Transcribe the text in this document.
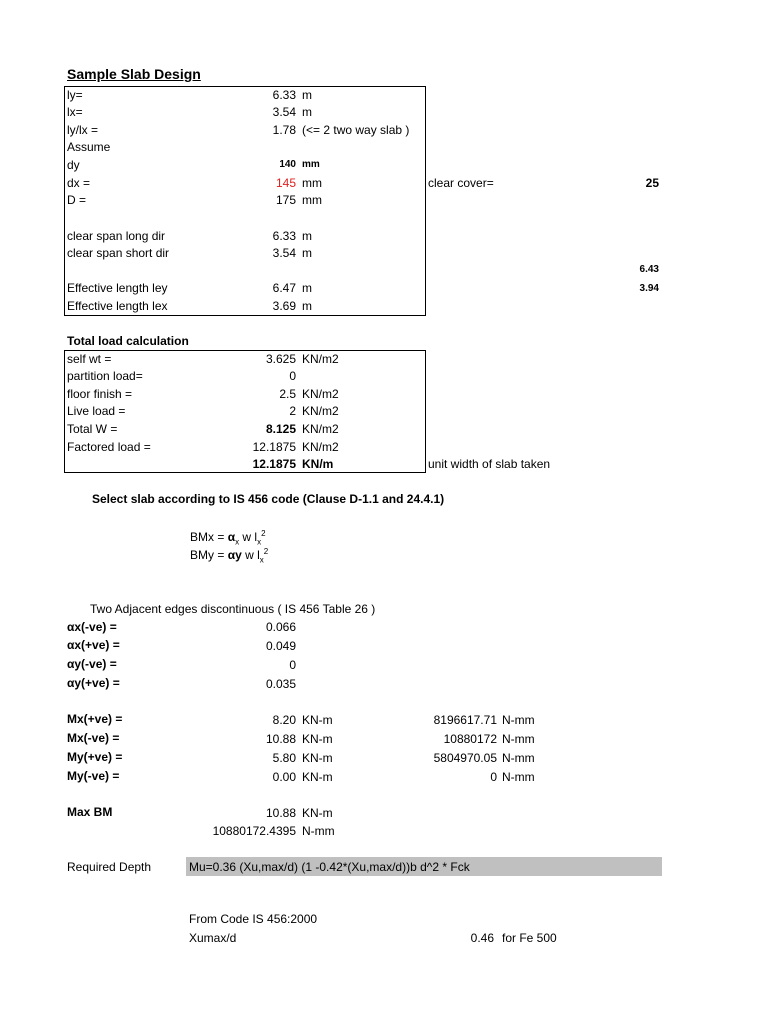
Sample Slab Design
ly=	6.33 m
lx=	3.54 m
ly/lx =	1.78 (<= 2 two way slab )
Assume
dy	140 mm
dx =	145 mm
D =	175 mm
clear span long dir	6.33 m
clear span short dir	3.54 m
Effective length ley	6.47 m
Effective length lex	3.69 m
clear cover=	25
6.43
3.94
Total load calculation
self wt =	3.625 KN/m2
partition load=	0
floor finish =	2.5 KN/m2
Live load =	2 KN/m2
Total W =	8.125 KN/m2
Factored load =	12.1875 KN/m2
12.1875 KN/m	unit width of slab taken
Select slab according to IS 456 code (Clause D-1.1 and 24.4.1)
BMx = $\alpha_x$ w $l_x^2$
BMy = αy w $l_x^2$
Two Adjacent edges discontinuous ( IS 456 Table 26 )
αx(-ve) =	0.066
αx(+ve) =	0.049
αy(-ve) =	0
αy(+ve) =	0.035
Mx(+ve) =	8.20 KN-m	8196617.71 N-mm
Mx(-ve) =	10.88 KN-m	10880172 N-mm
My(+ve) =	5.80 KN-m	5804970.05 N-mm
My(-ve) =	0.00 KN-m	0 N-mm
Max BM	10.88 KN-m
10880172.4395 N-mm
Required Depth	Mu=0.36 (Xu,max/d) (1 -0.42*(Xu,max/d))b d^2 * Fck
From Code IS 456:2000
Xumax/d	0.46 for Fe 500
